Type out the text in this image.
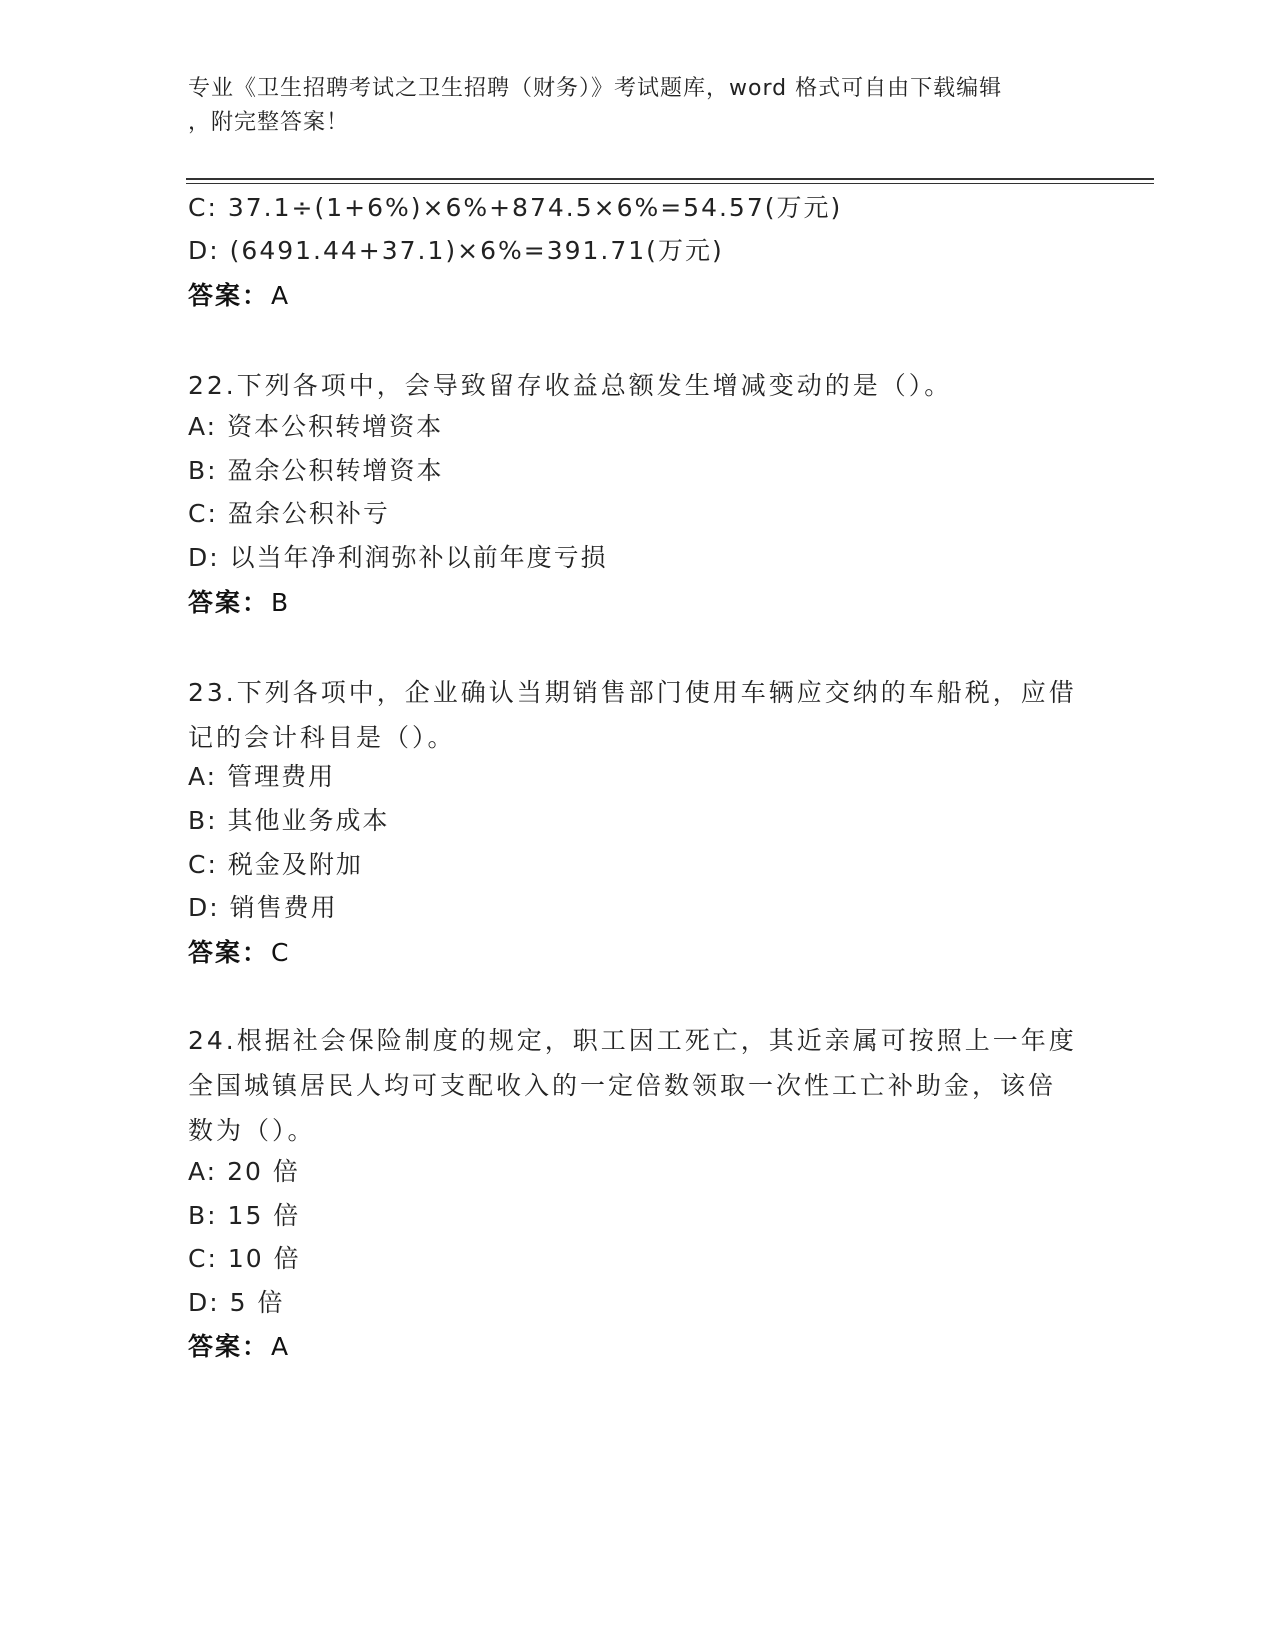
专业《卫生招聘考试之卫生招聘（财务）》考试题库，word 格式可自由下载编辑
，附完整答案！
C: 37.1÷(1+6%)×6%+874.5×6%=54.57(万元)
D: (6491.44+37.1)×6%=391.71(万元)
答案：A
22.下列各项中，会导致留存收益总额发生增减变动的是（）。
A: 资本公积转增资本
B: 盈余公积转增资本
C: 盈余公积补亏
D: 以当年净利润弥补以前年度亏损
答案：B
23.下列各项中，企业确认当期销售部门使用车辆应交纳的车船税，应借记的会计科目是（）。
A: 管理费用
B: 其他业务成本
C: 税金及附加
D: 销售费用
答案：C
24.根据社会保险制度的规定，职工因工死亡，其近亲属可按照上一年度全国城镇居民人均可支配收入的一定倍数领取一次性工亡补助金，该倍数为（）。
A: 20 倍
B: 15 倍
C: 10 倍
D: 5 倍
答案：A
